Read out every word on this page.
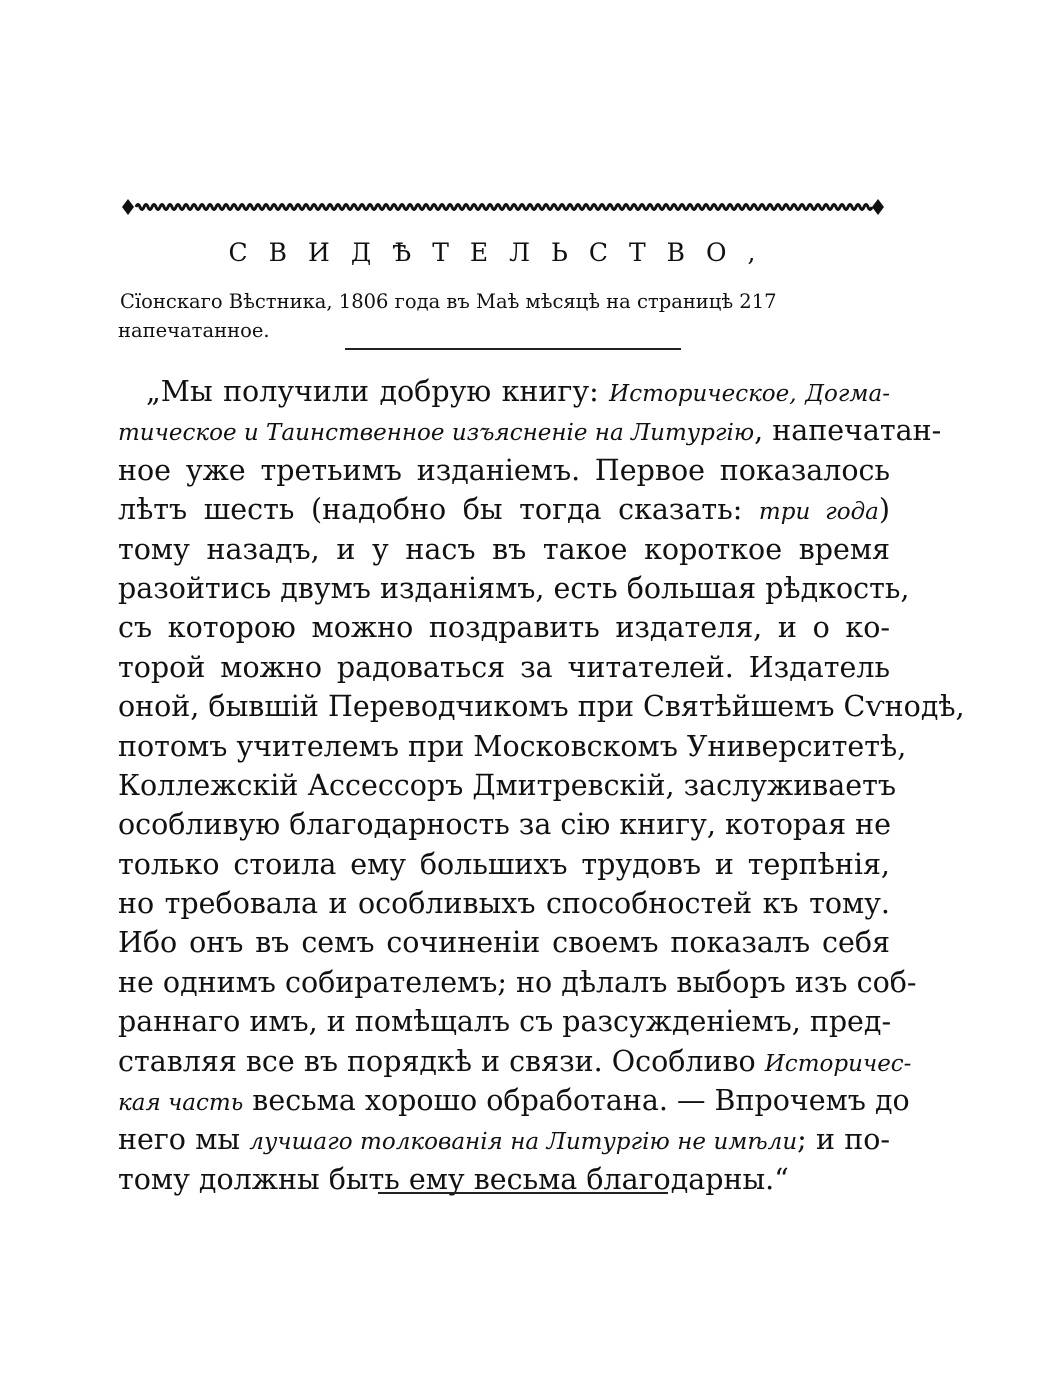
СВИДѢТЕЛЬСТВО,
Сїонскаго Вѣстника, 1806 года въ Маѣ мѣсяцѣ на страницѣ 217 напечатанное.
„Мы получили добрую книгу: Историческое, Догма-
тическое и Таинственное изъясненiе на Литургiю, напечатан-
ное уже третьимъ изданiемъ. Первое показалось
лѣтъ шесть (надобно бы тогда сказать: три года)
тому назадъ, и у насъ въ такое короткое время
разойтись двумъ изданiямъ, есть большая рѣдкость,
съ которою можно поздравить издателя, и о ко-
торой можно радоваться за читателей. Издатель
оной, бывшiй Переводчикомъ при Святѣйшемъ Сѵнодѣ,
потомъ учителемъ при Московскомъ Университетѣ,
Коллежскiй Ассессоръ Дмитревскiй, заслуживаетъ
особливую благодарность за сiю книгу, которая не
только стоила ему большихъ трудовъ и терпѣнiя,
но требовала и особливыхъ способностей къ тому.
Ибо онъ въ семъ сочиненiи своемъ показалъ себя
не однимъ собирателемъ; но дѣлалъ выборъ изъ соб-
раннаго имъ, и помѣщалъ съ разсужденiемъ, пред-
ставляя все въ порядкѣ и связи. Особливо Историчес-
кая часть весьма хорошо обработана. — Впрочемъ до
него мы лучшаго толкованiя на Литургiю не имѣли; и по-
тому должны быть ему весьма благодарны.“
